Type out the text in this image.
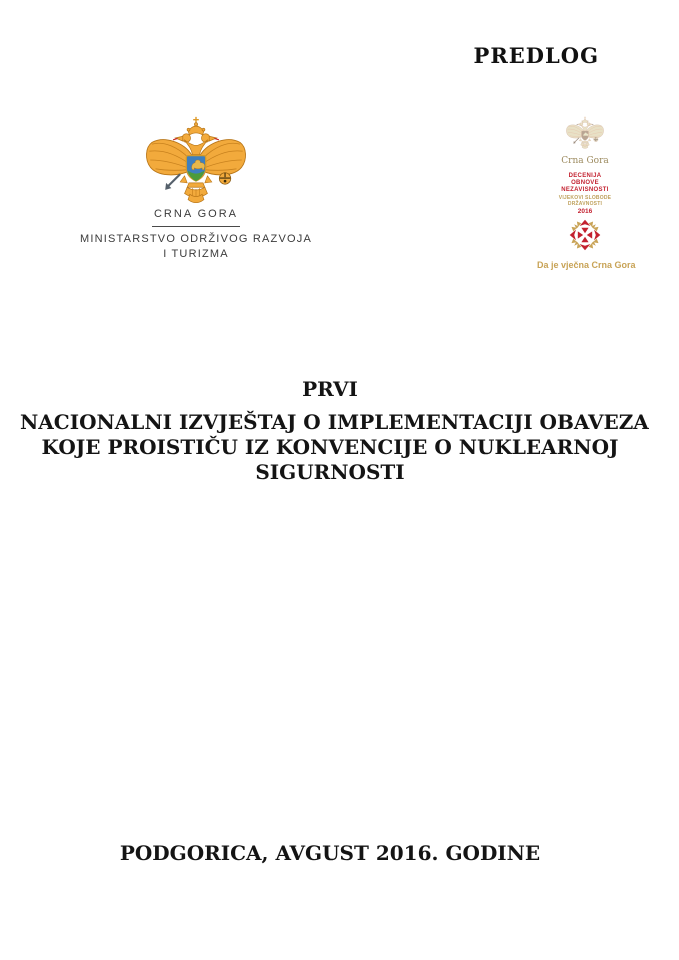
PREDLOG
CRNA GORA
MINISTARSTVO ODRŽIVOG RAZVOJA
I TURIZMA
Crna Gora
DECENIJA
OBNOVE
NEZAVISNOSTI
VIJEKOVI SLOBODE
DRŽAVNOSTI
2016
Da je vječna Crna Gora
PRVI
NACIONALNI IZVJEŠTAJ O IMPLEMENTACIJI OBAVEZA
KOJE PROISTIČU IZ KONVENCIJE O NUKLEARNOJ
SIGURNOSTI
PODGORICA, AVGUST 2016. GODINE
